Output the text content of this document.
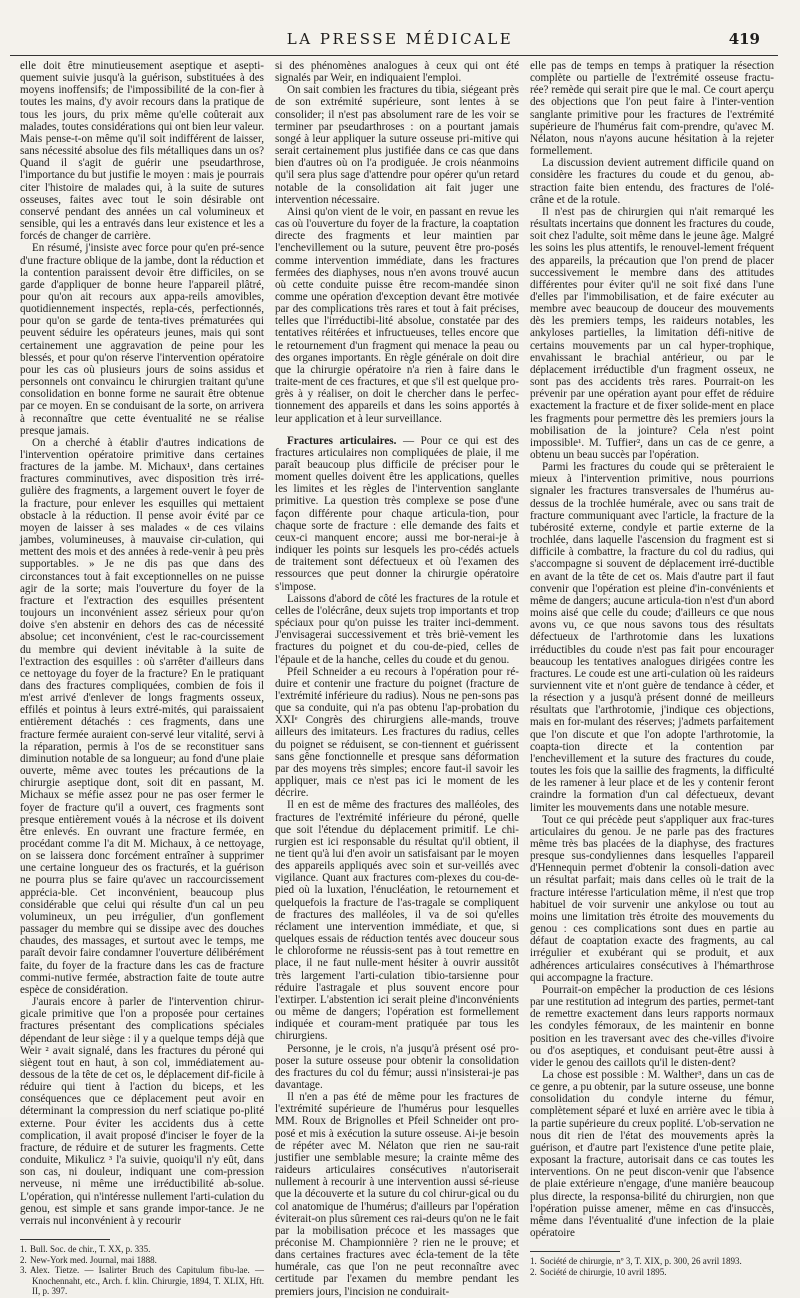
LA PRESSE MÉDICALE	419

elle doit être minutieusement aseptique et asepti-quement suivie jusqu'à la guérison, substituées à des moyens inoffensifs; de l'impossibilité de la con-fier à toutes les mains, d'y avoir recours dans la pratique de tous les jours, du prix même qu'elle coûterait aux malades, toutes considérations qui ont bien leur valeur. Mais pense-t-on même qu'il soit indifférent de laisser, sans nécessité absolue des fils métalliques dans un os? Quand il s'agit de guérir une pseudarthrose, l'importance du but justifie le moyen : mais je pourrais citer l'histoire de malades qui, à la suite de sutures osseuses, faites avec tout le soin désirable ont conservé pendant des années un cal volumineux et sensible, qui les a entravés dans leur existence et les a forcés de changer de carrière.

En résumé, j'insiste avec force pour qu'en pré-sence d'une fracture oblique de la jambe, dont la réduction et la contention paraissent devoir être difficiles, on se garde d'appliquer de bonne heure l'appareil plâtré, pour qu'on ait recours aux appa-reils amovibles, quotidiennement inspectés, repla-cés, perfectionnés, pour qu'on se garde de tenta-tives prématurées qui peuvent séduire les opérateurs jeunes, mais qui sont certainement une aggravation de peine pour les blessés, et pour qu'on réserve l'intervention opératoire pour les cas où plusieurs jours de soins assidus et personnels ont convaincu le chirurgien traitant qu'une consolidation en bonne forme ne saurait être obtenue par ce moyen. En se conduisant de la sorte, on arrivera à reconnaître que cette éventualité ne se réalise presque jamais.

On a cherché à établir d'autres indications de l'intervention opératoire primitive dans certaines fractures de la jambe. M. Michaux¹, dans certaines fractures comminutives, avec disposition très irré-gulière des fragments, a largement ouvert le foyer de la fracture, pour enlever les esquilles qui mettaient obstacle à la réduction. Il pense avoir évité par ce moyen de laisser à ses malades « de ces vilains jambes, volumineuses, à mauvaise cir-culation, qui mettent des mois et des années à rede-venir à peu près supportables. » Je ne dis pas que dans des circonstances tout à fait exceptionnelles on ne puisse agir de la sorte; mais l'ouverture du foyer de la fracture et l'extraction des esquilles présentent toujours un inconvénient assez sérieux pour qu'on doive s'en abstenir en dehors des cas de nécessité absolue; cet inconvénient, c'est le rac-courcissement du membre qui devient inévitable à la suite de l'extraction des esquilles : où s'arrêter d'ailleurs dans ce nettoyage du foyer de la fracture? En le pratiquant dans des fractures compliquées, combien de fois il m'est arrivé d'enlever de longs fragments osseux, effilés et pointus à leurs extré-mités, qui paraissaient entièrement détachés : ces fragments, dans une fracture fermée auraient con-servé leur vitalité, servi à la réparation, permis à l'os de se reconstituer sans diminution notable de sa longueur; au fond d'une plaie ouverte, même avec toutes les précautions de la chirurgie aseptique dont, soit dit en passant, M. Michaux se méfie assez pour ne pas oser fermer le foyer de fracture qu'il a ouvert, ces fragments sont presque entièrement voués à la nécrose et ils doivent être enlevés. En ouvrant une fracture fermée, en procédant comme l'a dit M. Michaux, à ce nettoyage, on se laissera donc forcément entraîner à supprimer une certaine longueur des os fracturés, et la guérison ne pourra plus se faire qu'avec un raccourcissement apprécia-ble. Cet inconvénient, beaucoup plus considérable que celui qui résulte d'un cal un peu volumineux, un peu irrégulier, d'un gonflement passager du membre qui se dissipe avec des douches chaudes, des massages, et surtout avec le temps, me paraît devoir faire condamner l'ouverture délibérément faite, du foyer de la fracture dans les cas de fracture commi-nutive fermée, abstraction faite de toute autre espèce de considération.

J'aurais encore à parler de l'intervention chirur-gicale primitive que l'on a proposée pour certaines fractures présentant des complications spéciales dépendant de leur siège : il y a quelque temps déjà que Weir ² avait signalé, dans les fractures du péroné qui siègent tout en haut, à son col, immédiatement au-dessous de la tête de cet os, le déplacement dif-ficile à réduire qui tient à l'action du biceps, et les conséquences que ce déplacement peut avoir en déterminant la compression du nerf sciatique po-plité externe. Pour éviter les accidents dus à cette complication, il avait proposé d'inciser le foyer de la fracture, de réduire et de suturer les fragments. Cette conduite, Mikulicz ³ l'a suivie, quoiqu'il n'y eût, dans son cas, ni douleur, indiquant une com-pression nerveuse, ni même une irréductibilité ab-solue. L'opération, qui n'intéresse nullement l'arti-culation du genou, est simple et sans grande impor-tance. Je ne verrais nul inconvénient à y recourir

1. Bull. Soc. de chir., T. XX, p. 335.

2. New-York med. Journal, mai 1888.

3. Alex. Tietze. — Isalirter Bruch des Capitulum fibu-lae. — Knochennaht, etc., Arch. f. klin. Chirurgie, 1894, T. XLIX, Hft. II, p. 397.

si des phénomènes analogues à ceux qui ont été signalés par Weir, en indiquaient l'emploi.

On sait combien les fractures du tibia, siégeant près de son extrémité supérieure, sont lentes à se consolider; il n'est pas absolument rare de les voir se terminer par pseudarthroses : on a pourtant jamais songé à leur appliquer la suture osseuse pri-mitive qui serait certainement plus justifiée dans ce cas que dans bien d'autres où on l'a prodiguée. Je crois néanmoins qu'il sera plus sage d'attendre pour opérer qu'un retard notable de la consolidation ait fait juger une intervention nécessaire.

Ainsi qu'on vient de le voir, en passant en revue les cas où l'ouverture du foyer de la fracture, la coaptation directe des fragments et leur maintien par l'enchevillement ou la suture, peuvent être pro-posés comme intervention immédiate, dans les fractures fermées des diaphyses, nous n'en avons trouvé aucun où cette conduite puisse être recom-mandée sinon comme une opération d'exception devant être motivée par des complications très rares et tout à fait précises, telles que l'irréductibi-lité absolue, constatée par des tentatives réitérées et infructueuses, telles encore que le retournement d'un fragment qui menace la peau ou des organes importants. En règle générale on doit dire que la chirurgie opératoire n'a rien à faire dans le traite-ment de ces fractures, et que s'il est quelque pro-grès à y réaliser, on doit le chercher dans le perfec-tionnement des appareils et dans les soins apportés à leur application et à leur surveillance.

Fractures articulaires. — Pour ce qui est des fractures articulaires non compliquées de plaie, il me paraît beaucoup plus difficile de préciser pour le moment quelles doivent être les applications, quelles les limites et les règles de l'intervention sanglante primitive. La question très complexe se pose d'une façon différente pour chaque articula-tion, pour chaque sorte de fracture : elle demande des faits et ceux-ci manquent encore; aussi me bor-nerai-je à indiquer les points sur lesquels les pro-cédés actuels de traitement sont défectueux et où l'examen des ressources que peut donner la chirurgie opératoire s'impose.

Laissons d'abord de côté les fractures de la rotule et celles de l'olécrâne, deux sujets trop importants et trop spéciaux pour qu'on puisse les traiter inci-demment. J'envisagerai successivement et très briè-vement les fractures du poignet et du cou-de-pied, celles de l'épaule et de la hanche, celles du coude et du genou.

Pfeil Schneider a eu recours à l'opération pour ré-duire et contenir une fracture du poignet (fracture de l'extrémité inférieure du radius). Nous ne pen-sons pas que sa conduite, qui n'a pas obtenu l'ap-probation du XXIᵉ Congrès des chirurgiens alle-mands, trouve ailleurs des imitateurs. Les fractures du radius, celles du poignet se réduisent, se con-tiennent et guérissent sans gêne fonctionnelle et presque sans déformation par des moyens très simples; encore faut-il savoir les appliquer, mais ce n'est pas ici le moment de les décrire.

Il en est de même des fractures des malléoles, des fractures de l'extrémité inférieure du péroné, quelle que soit l'étendue du déplacement primitif. Le chi-rurgien est ici responsable du résultat qu'il obtient, il ne tient qu'à lui d'en avoir un satisfaisant par le moyen des appareils appliqués avec soin et sur-veillés avec vigilance. Quant aux fractures com-plexes du cou-de-pied où la luxation, l'énucléation, le retournement et quelquefois la fracture de l'as-tragale se compliquent de fractures des malléoles, il va de soi qu'elles réclament une intervention immédiate, et que, si quelques essais de réduction tentés avec douceur sous le chloroforme ne réussis-sent pas à tout remettre en place, il ne faut nulle-ment hésiter à ouvrir aussitôt très largement l'arti-culation tibio-tarsienne pour réduire l'astragale et plus souvent encore pour l'extirper. L'abstention ici serait pleine d'inconvénients ou même de dangers; l'opération est formellement indiquée et couram-ment pratiquée par tous les chirurgiens.

Personne, je le crois, n'a jusqu'à présent osé pro-poser la suture osseuse pour obtenir la consolidation des fractures du col du fémur; aussi n'insisterai-je pas davantage.

Il n'en a pas été de même pour les fractures de l'extrémité supérieure de l'humérus pour lesquelles MM. Roux de Brignolles et Pfeil Schneider ont pro-posé et mis à exécution la suture osseuse. Ai-je besoin de répéter avec M. Nélaton que rien ne sau-rait justifier une semblable mesure; la crainte même des raideurs articulaires consécutives n'autoriserait nullement à recourir à une intervention aussi sé-rieuse que la découverte et la suture du col chirur-gical ou du col anatomique de l'humérus; d'ailleurs par l'opération éviterait-on plus sûrement ces rai-deurs qu'on ne le fait par la mobilisation précoce et les massages que préconise M. Championnière ? rien ne le prouve; et dans certaines fractures avec écla-tement de la tête humérale, cas que l'on ne peut reconnaître avec certitude par l'examen du membre pendant les premiers jours, l'incision ne conduirait-

elle pas de temps en temps à pratiquer la résection complète ou partielle de l'extrémité osseuse fractu-rée? remède qui serait pire que le mal. Ce court aperçu des objections que l'on peut faire à l'inter-vention sanglante primitive pour les fractures de l'extrémité supérieure de l'humérus fait com-prendre, qu'avec M. Nélaton, nous n'ayons aucune hésitation à la rejeter formellement.

La discussion devient autrement difficile quand on considère les fractures du coude et du genou, ab-straction faite bien entendu, des fractures de l'olé-crâne et de la rotule.

Il n'est pas de chirurgien qui n'ait remarqué les résultats incertains que donnent les fractures du coude, soit chez l'adulte, soit même dans le jeune âge. Malgré les soins les plus attentifs, le renouvel-lement fréquent des appareils, la précaution que l'on prend de placer successivement le membre dans des attitudes différentes pour éviter qu'il ne soit fixé dans l'une d'elles par l'immobilisation, et de faire exécuter au membre avec beaucoup de douceur des mouvements dès les premiers temps, les raideurs notables, les ankyloses partielles, la limitation défi-nitive de certains mouvements par un cal hyper-trophique, envahissant le brachial antérieur, ou par le déplacement irréductible d'un fragment osseux, ne sont pas des accidents très rares. Pourrait-on les prévenir par une opération ayant pour effet de réduire exactement la fracture et de fixer solide-ment en place les fragments pour permettre dès les premiers jours la mobilisation de la jointure? Cela n'est point impossible¹. M. Tuffier², dans un cas de ce genre, a obtenu un beau succès par l'opération.

Parmi les fractures du coude qui se prêteraient le mieux à l'intervention primitive, nous pourrions signaler les fractures transversales de l'humérus au-dessus de la trochlée humérale, avec ou sans trait de fracture communiquant avec l'article, la fracture de la tubérosité externe, condyle et partie externe de la trochlée, dans laquelle l'ascension du fragment est si difficile à combattre, la fracture du col du radius, qui s'accompagne si souvent de déplacement irré-ductible en avant de la tête de cet os. Mais d'autre part il faut convenir que l'opération est pleine d'in-convénients et même de dangers; aucune articula-tion n'est d'un abord moins aisé que celle du coude; d'ailleurs ce que nous avons vu, ce que nous savons tous des résultats défectueux de l'arthrotomie dans les luxations irréductibles du coude n'est pas fait pour encourager beaucoup les tentatives analogues dirigées contre les fractures. Le coude est une arti-culation où les raideurs surviennent vite et n'ont guère de tendance à céder, et la résection y a jusqu'à présent donné de meilleurs résultats que l'arthrotomie, j'indique ces objections, mais en for-mulant des réserves; j'admets parfaitement que l'on discute et que l'on adopte l'arthrotomie, la coapta-tion directe et la contention par l'enchevillement et la suture des fractures du coude, toutes les fois que la saillie des fragments, la difficulté de les ramener à leur place et de les y contenir feront craindre la formation d'un cal défectueux, devant limiter les mouvements dans une notable mesure.

Tout ce qui précède peut s'appliquer aux frac-tures articulaires du genou. Je ne parle pas des fractures même très bas placées de la diaphyse, des fractures presque sus-condyliennes dans lesquelles l'appareil d'Hennequin permet d'obtenir la consoli-dation avec un résultat parfait; mais dans celles où le trait de la fracture intéresse l'articulation même, il n'est que trop habituel de voir survenir une ankylose ou tout au moins une limitation très étroite des mouvements du genou : ces complications sont dues en partie au défaut de coaptation exacte des fragments, au cal irrégulier et exubérant qui se produit, et aux adhérences articulaires consécutives à l'hémarthrose qui accompagne la fracture.

Pourrait-on empêcher la production de ces lésions par une restitution ad integrum des parties, permet-tant de remettre exactement dans leurs rapports normaux les condyles fémoraux, de les maintenir en bonne position en les traversant avec des che-villes d'ivoire ou d'os aseptiques, et conduisant peut-être aussi à vider le genou des caillots qu'il le disten-dent?

La chose est possible : M. Walther³, dans un cas de ce genre, a pu obtenir, par la suture osseuse, une bonne consolidation du condyle interne du fémur, complètement séparé et luxé en arrière avec le tibia à la partie supérieure du creux poplité. L'ob-servation ne nous dit rien de l'état des mouvements après la guérison, et d'autre part l'existence d'une petite plaie, exposant la fracture, autorisait dans ce cas toutes les interventions. On ne peut discon-venir que l'absence de plaie extérieure n'engage, d'une manière beaucoup plus directe, la responsa-bilité du chirurgien, non que l'opération puisse amener, même en cas d'insuccès, même dans l'éventualité d'une infection de la plaie opératoire

1. Société de chirurgie, nº 3, T. XIX, p. 300, 26 avril 1893.

2. Société de chirurgie, 10 avril 1895.
